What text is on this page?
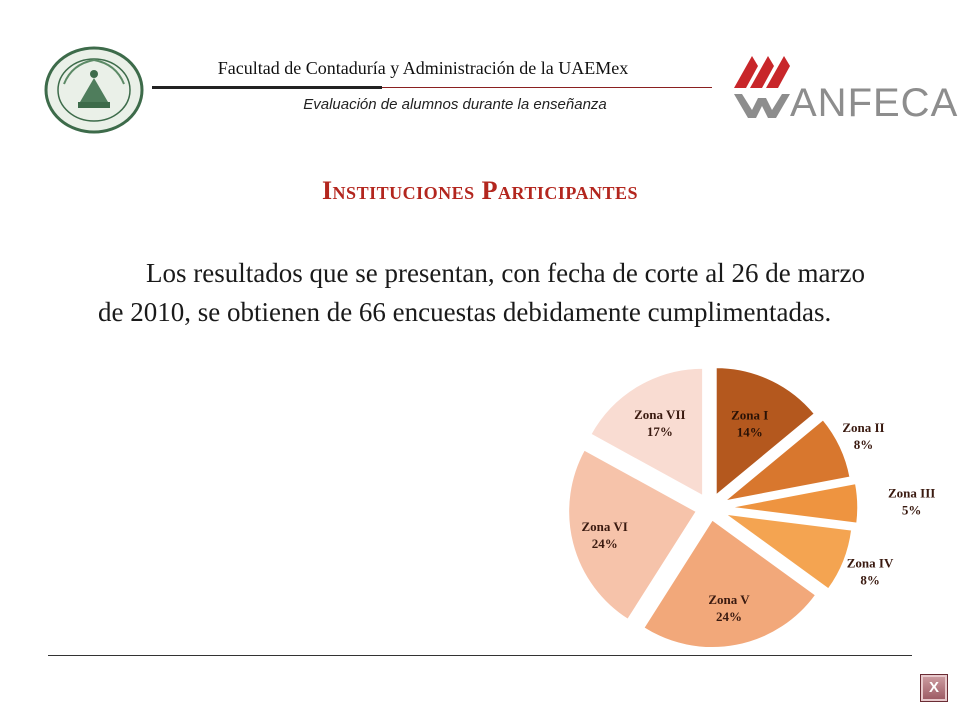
Facultad de Contaduría y Administración de la UAEMex
Evaluación de alumnos durante la enseñanza	ANFECA
Instituciones Participantes
Los resultados que se presentan, con fecha de corte al 26 de marzo de 2010, se obtienen de 66 encuestas debidamente cumplimentadas.
Zona I 14%	Zona II 8%
Zona III 5%
Zona IV 8%
Zona V 24%
Zona VI 24%
Zona VII 17%
X
